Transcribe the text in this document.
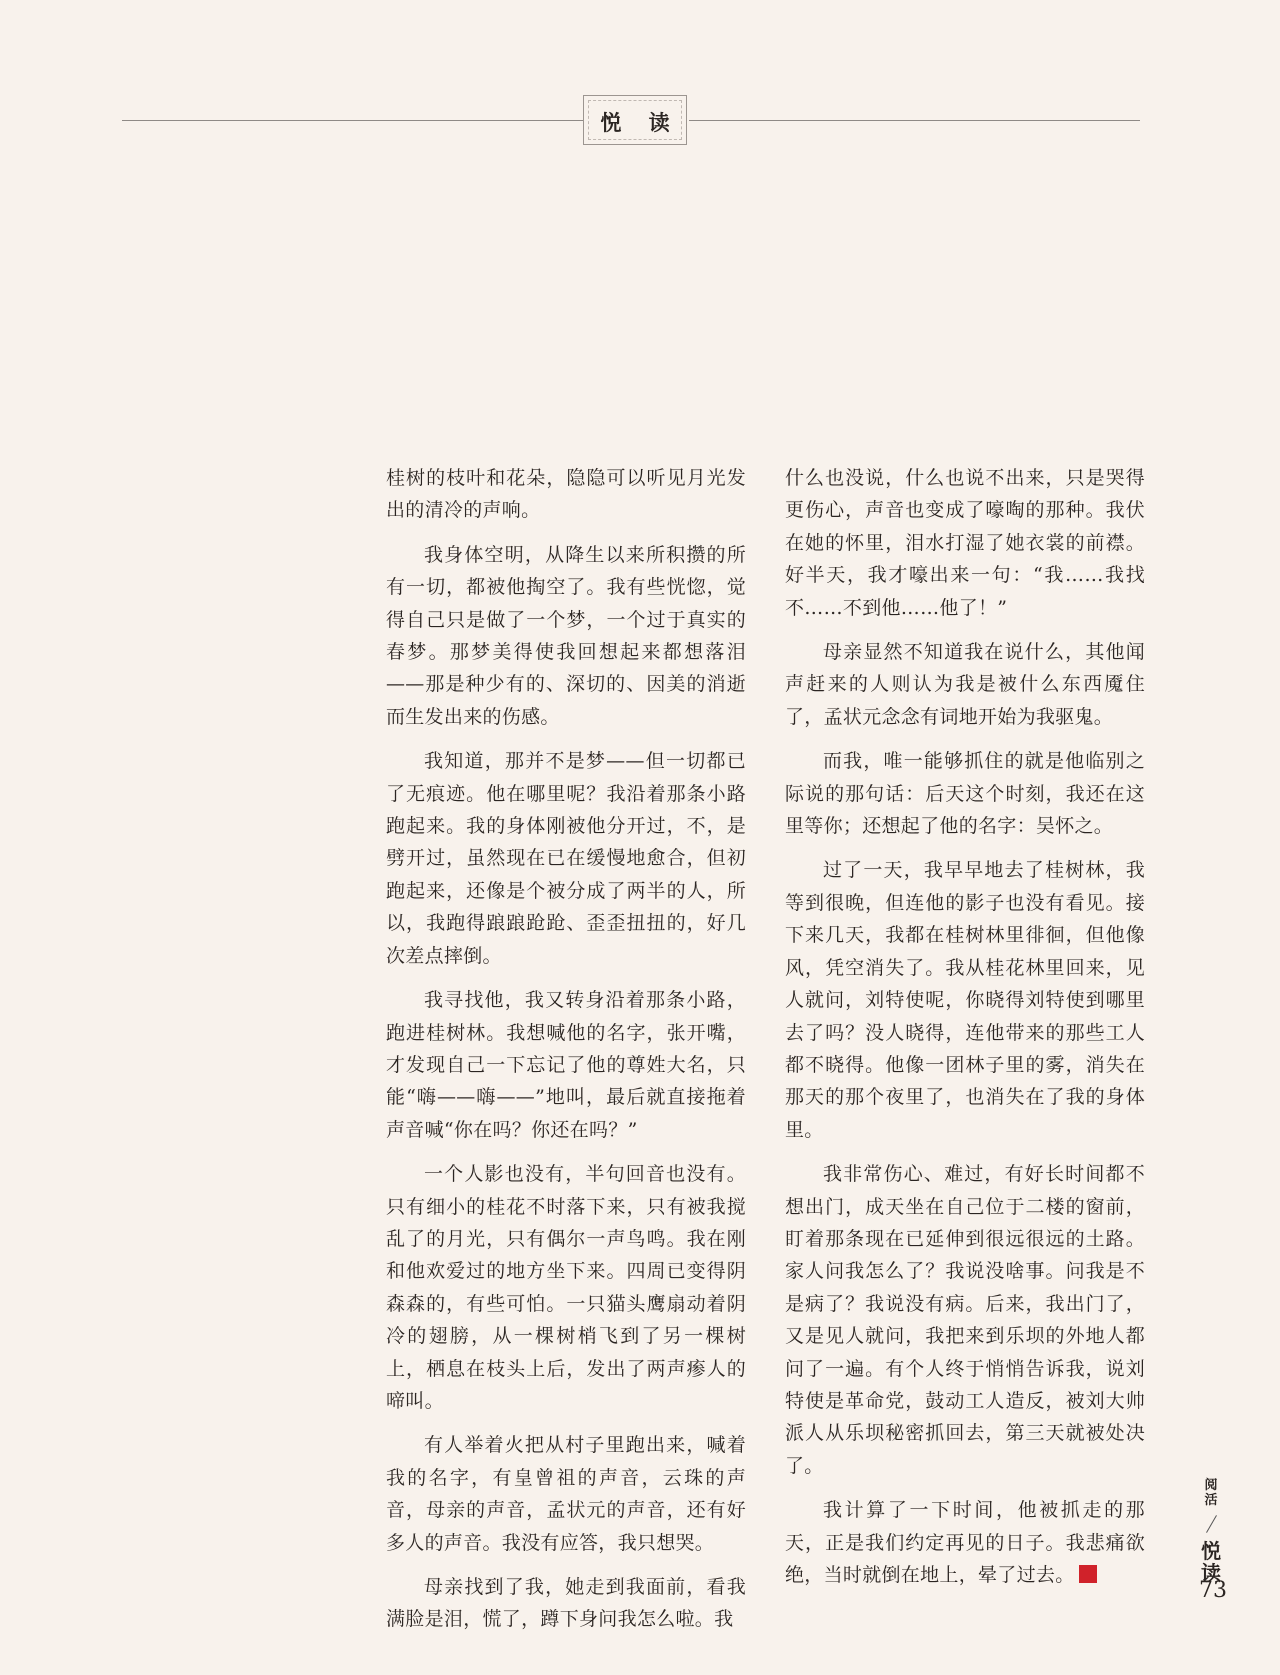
悦 读

桂树的枝叶和花朵，隐隐可以听见月光发出的清冷的声响。

我身体空明，从降生以来所积攒的所有一切，都被他掏空了。我有些恍惚，觉得自己只是做了一个梦，一个过于真实的春梦。那梦美得使我回想起来都想落泪——那是种少有的、深切的、因美的消逝而生发出来的伤感。

我知道，那并不是梦——但一切都已了无痕迹。他在哪里呢？我沿着那条小路跑起来。我的身体刚被他分开过，不，是劈开过，虽然现在已在缓慢地愈合，但初跑起来，还像是个被分成了两半的人，所以，我跑得踉踉跄跄、歪歪扭扭的，好几次差点摔倒。

我寻找他，我又转身沿着那条小路，跑进桂树林。我想喊他的名字，张开嘴，才发现自己一下忘记了他的尊姓大名，只能“嗨——嗨——”地叫，最后就直接拖着声音喊“你在吗？你还在吗？”

一个人影也没有，半句回音也没有。只有细小的桂花不时落下来，只有被我搅乱了的月光，只有偶尔一声鸟鸣。我在刚和他欢爱过的地方坐下来。四周已变得阴森森的，有些可怕。一只猫头鹰扇动着阴冷的翅膀，从一棵树梢飞到了另一棵树上，栖息在枝头上后，发出了两声瘆人的啼叫。

有人举着火把从村子里跑出来，喊着我的名字，有皇曾祖的声音，云珠的声音，母亲的声音，孟状元的声音，还有好多人的声音。我没有应答，我只想哭。

母亲找到了我，她走到我面前，看我满脸是泪，慌了，蹲下身问我怎么啦。我

什么也没说，什么也说不出来，只是哭得更伤心，声音也变成了嚎啕的那种。我伏在她的怀里，泪水打湿了她衣裳的前襟。好半天，我才嚎出来一句：“我……我找不……不到他……他了！”

母亲显然不知道我在说什么，其他闻声赶来的人则认为我是被什么东西魇住了，孟状元念念有词地开始为我驱鬼。

而我，唯一能够抓住的就是他临别之际说的那句话：后天这个时刻，我还在这里等你；还想起了他的名字：吴怀之。

过了一天，我早早地去了桂树林，我等到很晚，但连他的影子也没有看见。接下来几天，我都在桂树林里徘徊，但他像风，凭空消失了。我从桂花林里回来，见人就问，刘特使呢，你晓得刘特使到哪里去了吗？没人晓得，连他带来的那些工人都不晓得。他像一团林子里的雾，消失在那天的那个夜里了，也消失在了我的身体里。

我非常伤心、难过，有好长时间都不想出门，成天坐在自己位于二楼的窗前，盯着那条现在已延伸到很远很远的土路。家人问我怎么了？我说没啥事。问我是不是病了？我说没有病。后来，我出门了，又是见人就问，我把来到乐坝的外地人都问了一遍。有个人终于悄悄告诉我，说刘特使是革命党，鼓动工人造反，被刘大帅派人从乐坝秘密抓回去，第三天就被处决了。

我计算了一下时间，他被抓走的那天，正是我们约定再见的日子。我悲痛欲绝，当时就倒在地上，晕了过去。

阅活
悦读
73
